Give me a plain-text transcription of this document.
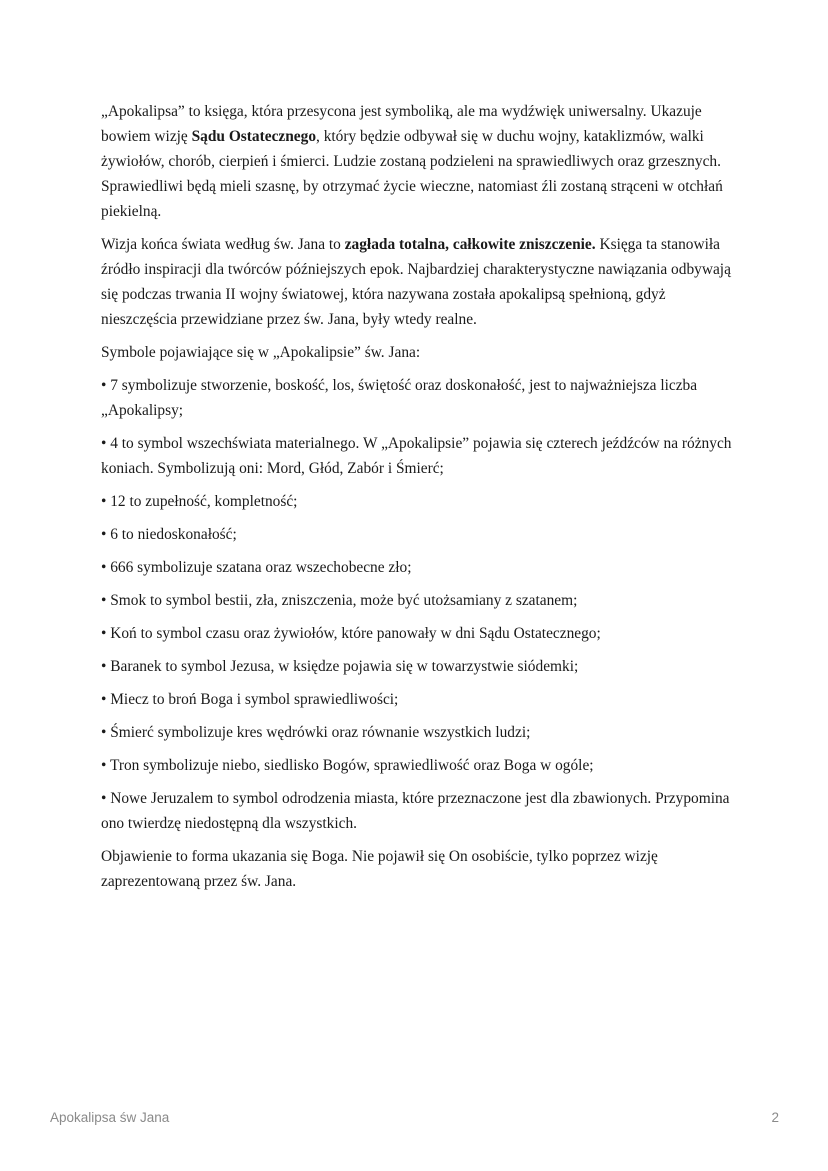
„Apokalipsa” to księga, która przesycona jest symboliką, ale ma wydźwięk uniwersalny. Ukazuje bowiem wizję Sądu Ostatecznego, który będzie odbywał się w duchu wojny, kataklizmów, walki żywiołów, chorób, cierpień i śmierci. Ludzie zostaną podzieleni na sprawiedliwych oraz grzesznych. Sprawiedliwi będą mieli szasnę, by otrzymać życie wieczne, natomiast źli zostaną strąceni w otchłań piekielną.

Wizja końca świata według św. Jana to zagłada totalna, całkowite zniszczenie. Księga ta stanowiła źródło inspiracji dla twórców późniejszych epok. Najbardziej charakterystyczne nawiązania odbywają się podczas trwania II wojny światowej, która nazywana została apokalipsą spełnioną, gdyż nieszczęścia przewidziane przez św. Jana, były wtedy realne.

Symbole pojawiające się w „Apokalipsie” św. Jana:

• 7 symbolizuje stworzenie, boskość, los, świętość oraz doskonałość, jest to najważniejsza liczba „Apokalipsy;

• 4 to symbol wszechświata materialnego. W „Apokalipsie” pojawia się czterech jeźdźców na różnych koniach. Symbolizują oni: Mord, Głód, Zabór i Śmierć;

• 12 to zupełność, kompletność;

• 6 to niedoskonałość;

• 666 symbolizuje szatana oraz wszechobecne zło;

• Smok to symbol bestii, zła, zniszczenia, może być utożsamiany z szatanem;

• Koń to symbol czasu oraz żywiołów, które panowały w dni Sądu Ostatecznego;

• Baranek to symbol Jezusa, w księdze pojawia się w towarzystwie siódemki;

• Miecz to broń Boga i symbol sprawiedliwości;

• Śmierć symbolizuje kres wędrówki oraz równanie wszystkich ludzi;

• Tron symbolizuje niebo, siedlisko Bogów, sprawiedliwość oraz Boga w ogóle;

• Nowe Jeruzalem to symbol odrodzenia miasta, które przeznaczone jest dla zbawionych. Przypomina ono twierdzę niedostępną dla wszystkich.

Objawienie to forma ukazania się Boga. Nie pojawił się On osobiście, tylko poprzez wizję zaprezentowaną przez św. Jana.

Apokalipsa św Jana	2
